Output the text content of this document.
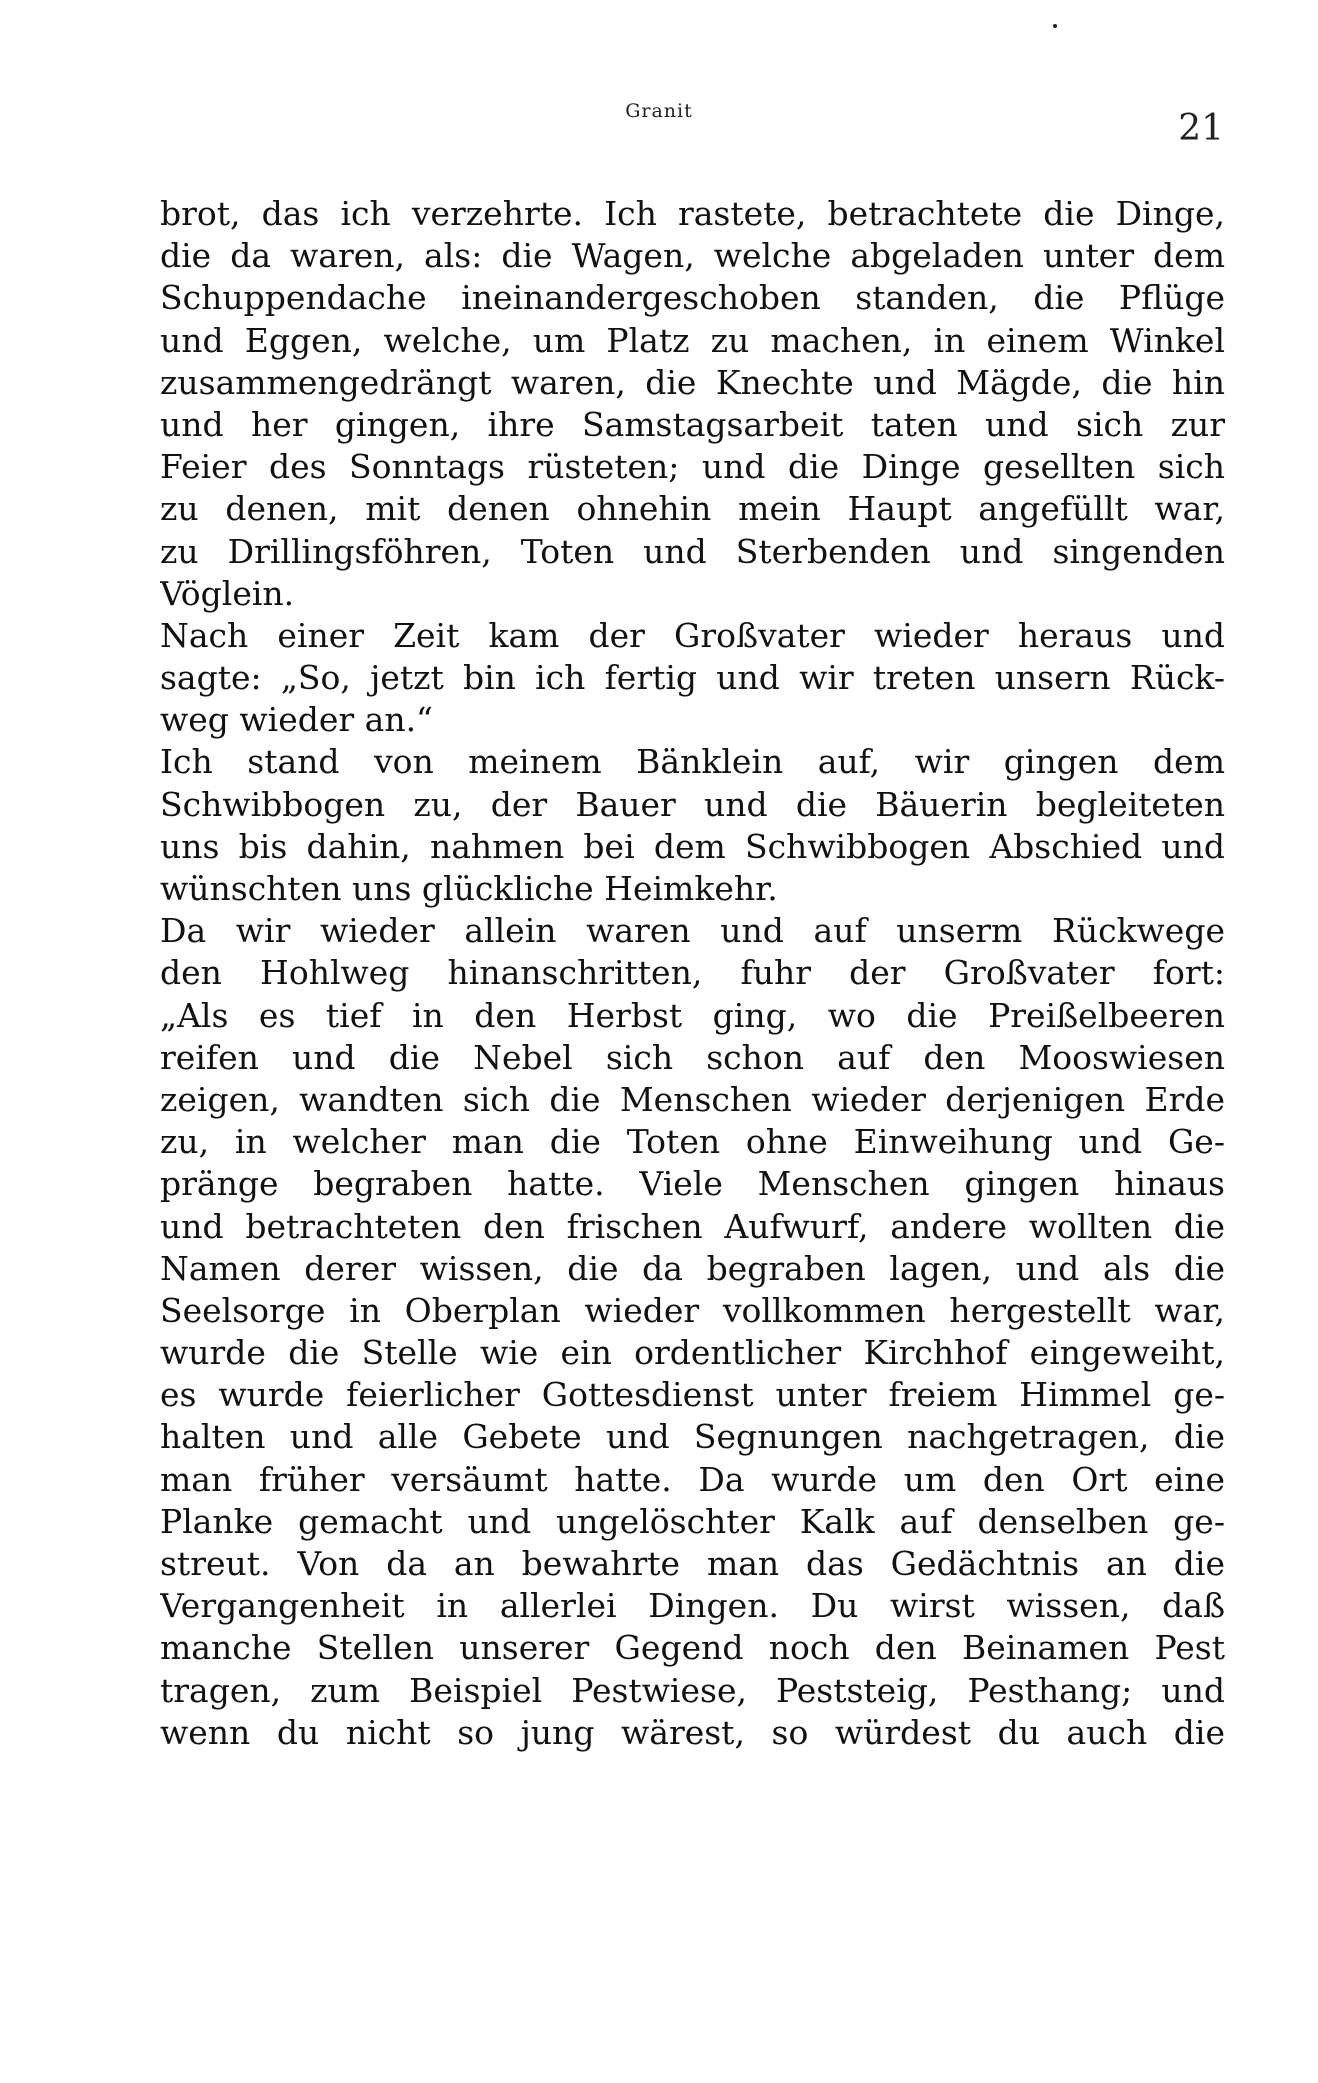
Granit	21
brot, das ich verzehrte. Ich rastete, betrachtete die Dinge,
die da waren, als: die Wagen, welche abgeladen unter dem
Schuppendache ineinandergeschoben standen, die Pflüge
und Eggen, welche, um Platz zu machen, in einem Winkel
zusammengedrängt waren, die Knechte und Mägde, die hin
und her gingen, ihre Samstagsarbeit taten und sich zur
Feier des Sonntags rüsteten; und die Dinge gesellten sich
zu denen, mit denen ohnehin mein Haupt angefüllt war,
zu Drillingsföhren, Toten und Sterbenden und singenden
Vöglein.
Nach einer Zeit kam der Großvater wieder heraus und
sagte: „So, jetzt bin ich fertig und wir treten unsern Rück-
weg wieder an.“
Ich stand von meinem Bänklein auf, wir gingen dem
Schwibbogen zu, der Bauer und die Bäuerin begleiteten
uns bis dahin, nahmen bei dem Schwibbogen Abschied und
wünschten uns glückliche Heimkehr.
Da wir wieder allein waren und auf unserm Rückwege
den Hohlweg hinanschritten, fuhr der Großvater fort:
„Als es tief in den Herbst ging, wo die Preißelbeeren
reifen und die Nebel sich schon auf den Mooswiesen
zeigen, wandten sich die Menschen wieder derjenigen Erde
zu, in welcher man die Toten ohne Einweihung und Ge-
pränge begraben hatte. Viele Menschen gingen hinaus
und betrachteten den frischen Aufwurf, andere wollten die
Namen derer wissen, die da begraben lagen, und als die
Seelsorge in Oberplan wieder vollkommen hergestellt war,
wurde die Stelle wie ein ordentlicher Kirchhof eingeweiht,
es wurde feierlicher Gottesdienst unter freiem Himmel ge-
halten und alle Gebete und Segnungen nachgetragen, die
man früher versäumt hatte. Da wurde um den Ort eine
Planke gemacht und ungelöschter Kalk auf denselben ge-
streut. Von da an bewahrte man das Gedächtnis an die
Vergangenheit in allerlei Dingen. Du wirst wissen, daß
manche Stellen unserer Gegend noch den Beinamen Pest
tragen, zum Beispiel Pestwiese, Peststeig, Pesthang; und
wenn du nicht so jung wärest, so würdest du auch die
